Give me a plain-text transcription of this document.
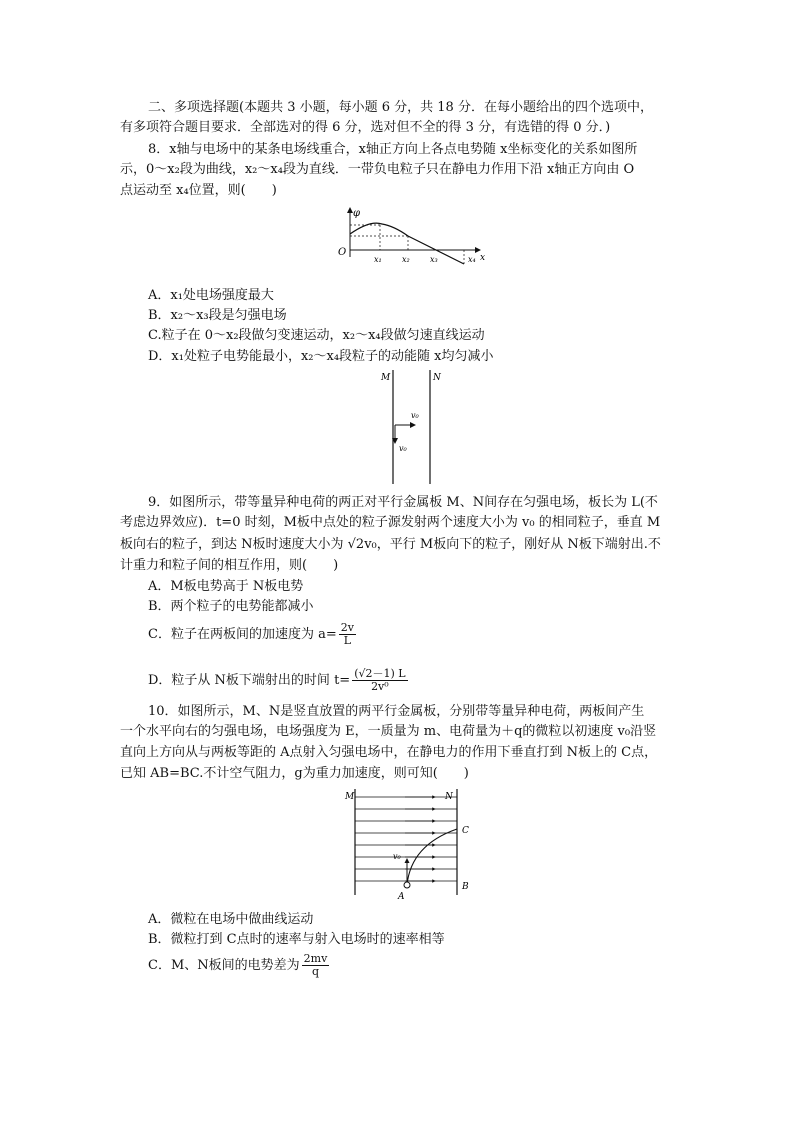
二、多项选择题(本题共 3 小题，每小题 6 分，共 18 分．在每小题给出的四个选项中，
有多项符合题目要求．全部选对的得 6 分，选对但不全的得 3 分，有选错的得 0 分．)
8．x轴与电场中的某条电场线重合，x轴正方向上各点电势随 x坐标变化的关系如图所
示，0～x₂段为曲线，x₂～x₄段为直线．一带负电粒子只在静电力作用下沿 x轴正方向由 O
点运动至 x₄位置，则(　　)
φ
O
x₁	x₂	x₃	x₄ x
A．x₁处电场强度最大
B．x₂～x₃段是匀强电场
C.粒子在 0～x₂段做匀变速运动，x₂～x₄段做匀速直线运动
D．x₁处粒子电势能最小，x₂～x₄段粒子的动能随 x均匀减小
M	N
v₀
v₀
9．如图所示，带等量异种电荷的两正对平行金属板 M、N间存在匀强电场，板长为 L(不
考虑边界效应)．t=0 时刻，M板中点处的粒子源发射两个速度大小为 v₀ 的相同粒子，垂直 M
板向右的粒子，到达 N板时速度大小为 √2v₀，平行 M板向下的粒子，刚好从 N板下端射出.不
计重力和粒子间的相互作用，则(　　)
A．M板电势高于 N板电势
B．两个粒子的电势能都减小
C．粒子在两板间的加速度为 $a= \frac{2v}{L}$
D．粒子从 N板下端射出的时间 $t= \frac{(√2-1) L}{\text{2v⁰}}$
10．如图所示，M、N是竖直放置的两平行金属板，分别带等量异种电荷，两板间产生
一个水平向右的匀强电场，电场强度为 E，一质量为 m、电荷量为＋q的微粒以初速度 v₀沿竖
直向上方向从与两板等距的 A点射入匀强电场中，在静电力的作用下垂直打到 N板上的 C点，
已知 AB=BC.不计空气阻力，g为重力加速度，则可知(　　)
M	N
C
B
A
v₀
A．微粒在电场中做曲线运动
B．微粒打到 C点时的速率与射入电场时的速率相等
C．M、N板间的电势差为 $\frac{2mv}{q}$
